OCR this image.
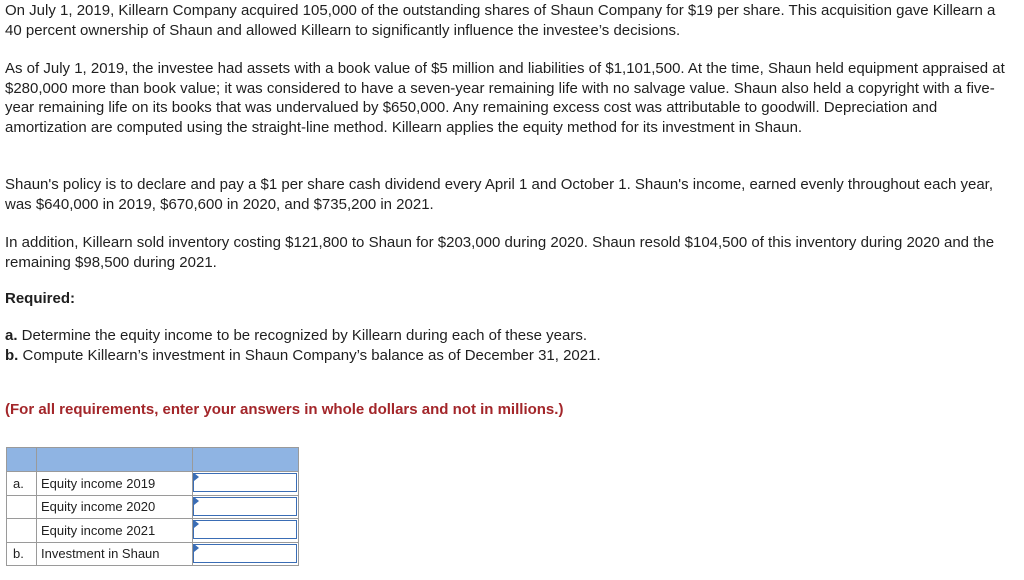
On July 1, 2019, Killearn Company acquired 105,000 of the outstanding shares of Shaun Company for $19 per share. This acquisition gave Killearn a 40 percent ownership of Shaun and allowed Killearn to significantly influence the investee’s decisions.

As of July 1, 2019, the investee had assets with a book value of $5 million and liabilities of $1,101,500. At the time, Shaun held equipment appraised at $280,000 more than book value; it was considered to have a seven-year remaining life with no salvage value. Shaun also held a copyright with a five-year remaining life on its books that was undervalued by $650,000. Any remaining excess cost was attributable to goodwill. Depreciation and amortization are computed using the straight-line method. Killearn applies the equity method for its investment in Shaun.

Shaun's policy is to declare and pay a $1 per share cash dividend every April 1 and October 1. Shaun's income, earned evenly throughout each year, was $640,000 in 2019, $670,600 in 2020, and $735,200 in 2021.

In addition, Killearn sold inventory costing $121,800 to Shaun for $203,000 during 2020. Shaun resold $104,500 of this inventory during 2020 and the remaining $98,500 during 2021.

Required:

a. Determine the equity income to be recognized by Killearn during each of these years.

b. Compute Killearn’s investment in Shaun Company’s balance as of December 31, 2021.

(For all requirements, enter your answers in whole dollars and not in millions.)

a.	Equity income 2019	

	Equity income 2020	

	Equity income 2021	

b.	Investment in Shaun	
